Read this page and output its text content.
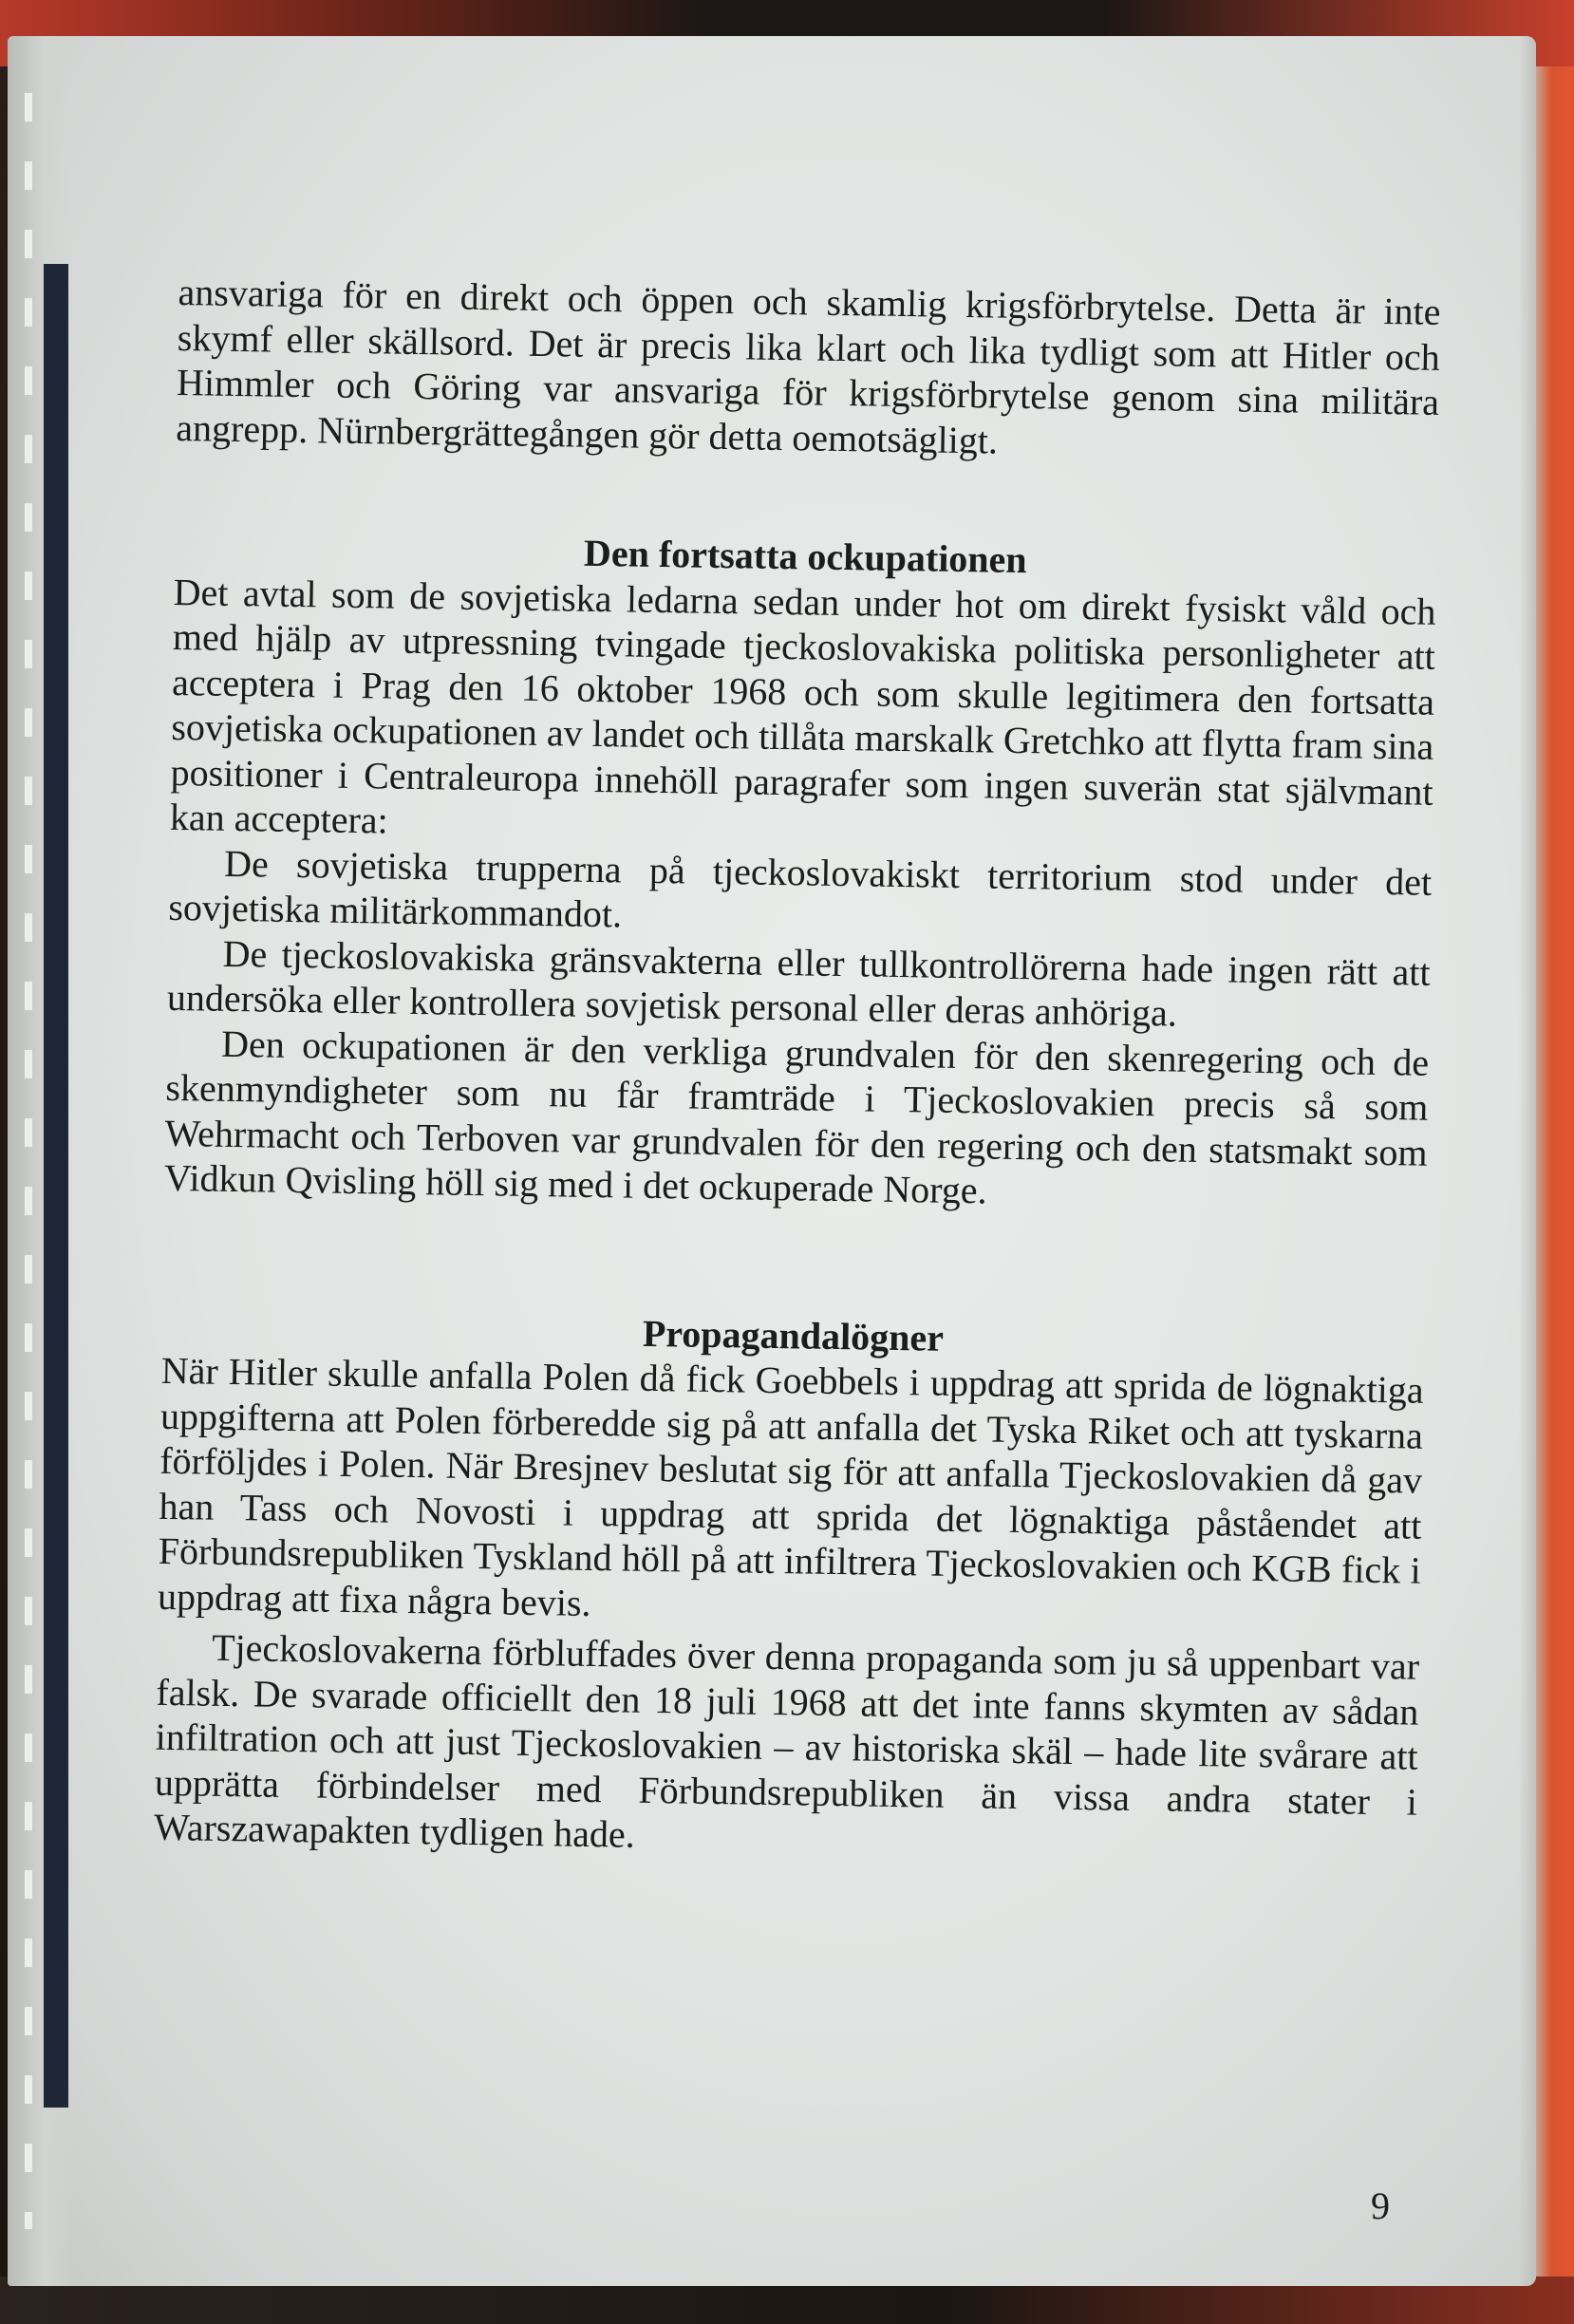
ansvariga för en direkt och öppen och skamlig krigsförbrytelse. Detta är inte skymf eller skällsord. Det är precis lika klart och lika tydligt som att Hitler och Himmler och Göring var ansvariga för krigsförbrytelse genom sina militära angrepp. Nürnbergrättegången gör detta oemotsägligt.

Den fortsatta ockupationen

Det avtal som de sovjetiska ledarna sedan under hot om direkt fysiskt våld och med hjälp av utpressning tvingade tjeckoslovakiska politiska personligheter att acceptera i Prag den 16 oktober 1968 och som skulle legitimera den fortsatta sovjetiska ockupationen av landet och tillåta marskalk Gretchko att flytta fram sina positioner i Centraleuropa innehöll paragrafer som ingen suverän stat självmant kan acceptera:

De sovjetiska trupperna på tjeckoslovakiskt territorium stod under det sovjetiska militärkommandot.

De tjeckoslovakiska gränsvakterna eller tullkontrollörerna hade ingen rätt att undersöka eller kontrollera sovjetisk personal eller deras anhöriga.

Den ockupationen är den verkliga grundvalen för den skenregering och de skenmyndigheter som nu får framträde i Tjeckoslovakien precis så som Wehrmacht och Terboven var grundvalen för den regering och den statsmakt som Vidkun Qvisling höll sig med i det ockuperade Norge.

Propagandalögner

När Hitler skulle anfalla Polen då fick Goebbels i uppdrag att sprida de lögnaktiga uppgifterna att Polen förberedde sig på att anfalla det Tyska Riket och att tyskarna förföljdes i Polen. När Bresjnev beslutat sig för att anfalla Tjeckoslovakien då gav han Tass och Novosti i uppdrag att sprida det lögnaktiga påståendet att Förbundsrepubliken Tyskland höll på att infiltrera Tjeckoslovakien och KGB fick i uppdrag att fixa några bevis.

Tjeckoslovakerna förbluffades över denna propaganda som ju så uppenbart var falsk. De svarade officiellt den 18 juli 1968 att det inte fanns skymten av sådan infiltration och att just Tjeckoslovakien – av historiska skäl – hade lite svårare att upprätta förbindelser med Förbundsrepubliken än vissa andra stater i Warszawapakten tydligen hade.

9
